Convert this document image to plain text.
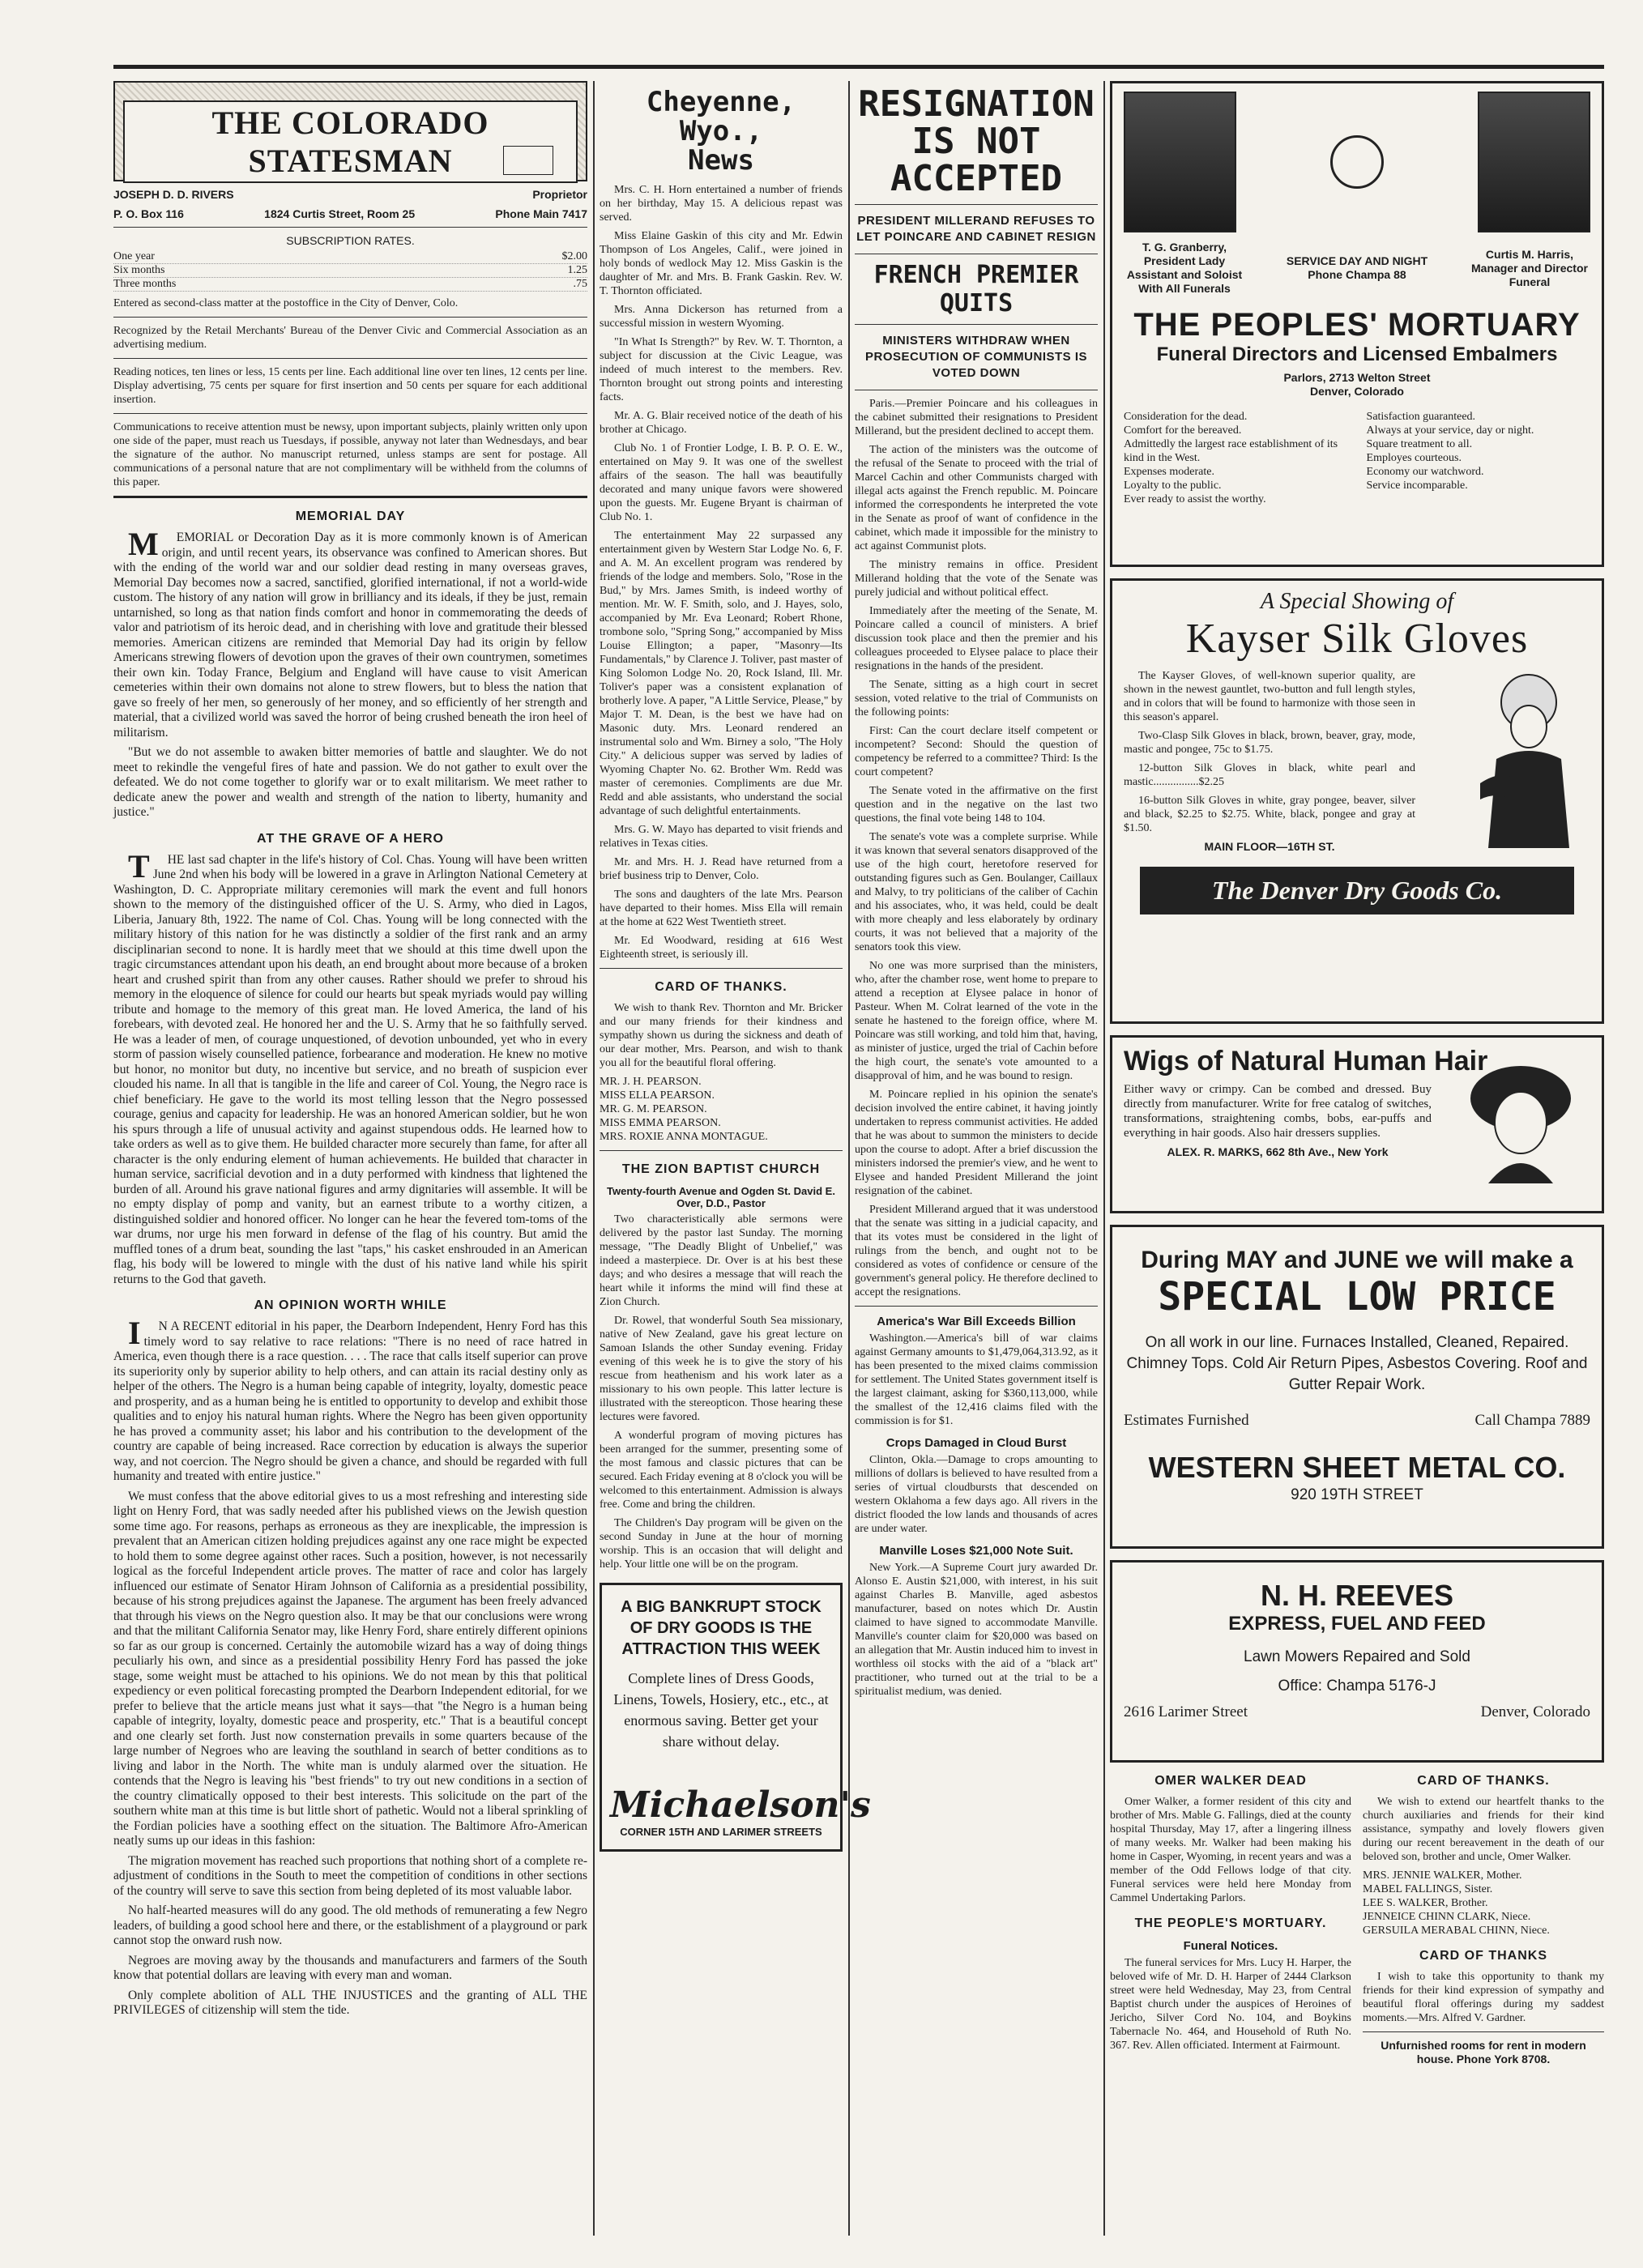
THE COLORADO STATESMAN
JOSEPH D. D. RIVERS	Proprietor
P. O. Box 116	1824 Curtis Street, Room 25	Phone Main 7417
SUBSCRIPTION RATES.
One year	$2.00
Six months	1.25
Three months	.75
Entered as second-class matter at the postoffice in the City of Denver, Colo.
Recognized by the Retail Merchants' Bureau of the Denver Civic and Commercial Association as an advertising medium.
Reading notices, ten lines or less, 15 cents per line. Each additional line over ten lines, 12 cents per line. Display advertising, 75 cents per square for first insertion and 50 cents per square for each additional insertion.
Communications to receive attention must be newsy, upon important subjects, plainly written only upon one side of the paper, must reach us Tuesdays, if possible, anyway not later than Wednesdays, and bear the signature of the author. No manuscript returned, unless stamps are sent for postage. All communications of a personal nature that are not complimentary will be withheld from the columns of this paper.
MEMORIAL DAY

MEMORIAL or Decoration Day as it is more commonly known is of American origin, and until recent years, its observance was confined to American shores. But with the ending of the world war and our soldier dead resting in many overseas graves, Memorial Day becomes now a sacred, sanctified, glorified international, if not a world-wide custom. The history of any nation will grow in brilliancy and its ideals, if they be just, remain untarnished, so long as that nation finds comfort and honor in commemorating the deeds of valor and patriotism of its heroic dead, and in cherishing with love and gratitude their blessed memories. American citizens are reminded that Memorial Day had its origin by fellow Americans strewing flowers of devotion upon the graves of their own countrymen, sometimes their own kin. Today France, Belgium and England will have cause to visit American cemeteries within their own domains not alone to strew flowers, but to bless the nation that gave so freely of her men, so generously of her money, and so efficiently of her strength and material, that a civilized world was saved the horror of being crushed beneath the iron heel of militarism.

"But we do not assemble to awaken bitter memories of battle and slaughter. We do not meet to rekindle the vengeful fires of hate and passion. We do not gather to exult over the defeated. We do not come together to glorify war or to exalt militarism. We meet rather to dedicate anew the power and wealth and strength of the nation to liberty, humanity and justice."

AT THE GRAVE OF A HERO

THE last sad chapter in the life's history of Col. Chas. Young will have been written June 2nd when his body will be lowered in a grave in Arlington National Cemetery at Washington, D. C. Appropriate military ceremonies will mark the event and full honors shown to the memory of the distinguished officer of the U. S. Army, who died in Lagos, Liberia, January 8th, 1922. The name of Col. Chas. Young will be long connected with the military history of this nation for he was distinctly a soldier of the first rank and an army disciplinarian second to none. It is hardly meet that we should at this time dwell upon the tragic circumstances attendant upon his death, an end brought about more because of a broken heart and crushed spirit than from any other causes. Rather should we prefer to shroud his memory in the eloquence of silence for could our hearts but speak myriads would pay willing tribute and homage to the memory of this great man. He loved America, the land of his forebears, with devoted zeal. He honored her and the U. S. Army that he so faithfully served. He was a leader of men, of courage unquestioned, of devotion unbounded, yet who in every storm of passion wisely counselled patience, forbearance and moderation. He knew no motive but honor, no monitor but duty, no incentive but service, and no breath of suspicion ever clouded his name. In all that is tangible in the life and career of Col. Young, the Negro race is chief beneficiary. He gave to the world its most telling lesson that the Negro possessed courage, genius and capacity for leadership. He was an honored American soldier, but he won his spurs through a life of unusual activity and against stupendous odds. He learned how to take orders as well as to give them. He builded character more securely than fame, for after all character is the only enduring element of human achievements. He builded that character in human service, sacrificial devotion and in a duty performed with kindness that lightened the burden of all. Around his grave national figures and army dignitaries will assemble. It will be no empty display of pomp and vanity, but an earnest tribute to a worthy citizen, a distinguished soldier and honored officer. No longer can he hear the fevered tom-toms of the war drums, nor urge his men forward in defense of the flag of his country. But amid the muffled tones of a drum beat, sounding the last "taps," his casket enshrouded in an American flag, his body will be lowered to mingle with the dust of his native land while his spirit returns to the God that gaveth.

AN OPINION WORTH WHILE

IN A RECENT editorial in his paper, the Dearborn Independent, Henry Ford has this timely word to say relative to race relations: "There is no need of race hatred in America, even though there is a race question. . . . The race that calls itself superior can prove its superiority only by superior ability to help others, and can attain its racial destiny only as helper of the others. The Negro is a human being capable of integrity, loyalty, domestic peace and prosperity, and as a human being he is entitled to opportunity to develop and exhibit those qualities and to enjoy his natural human rights. Where the Negro has been given opportunity he has proved a community asset; his labor and his contribution to the development of the country are capable of being increased. Race correction by education is always the superior way, and not coercion. The Negro should be given a chance, and should be regarded with full humanity and treated with entire justice."

We must confess that the above editorial gives to us a most refreshing and interesting side light on Henry Ford, that was sadly needed after his published views on the Jewish question some time ago. For reasons, perhaps as erroneous as they are inexplicable, the impression is prevalent that an American citizen holding prejudices against any one race might be expected to hold them to some degree against other races. Such a position, however, is not necessarily logical as the forceful Independent article proves. The matter of race and color has largely influenced our estimate of Senator Hiram Johnson of California as a presidential possibility, because of his strong prejudices against the Japanese. The argument has been freely advanced that through his views on the Negro question also. It may be that our conclusions were wrong and that the militant California Senator may, like Henry Ford, share entirely different opinions so far as our group is concerned. Certainly the automobile wizard has a way of doing things peculiarly his own, and since as a presidential possibility Henry Ford has passed the joke stage, some weight must be attached to his opinions. We do not mean by this that political expediency or even political forecasting prompted the Dearborn Independent editorial, for we prefer to believe that the article means just what it says—that "the Negro is a human being capable of integrity, loyalty, domestic peace and prosperity, etc." That is a beautiful concept and one clearly set forth. Just now consternation prevails in some quarters because of the large number of Negroes who are leaving the southland in search of better conditions as to living and labor in the North. The white man is unduly alarmed over the situation. He contends that the Negro is leaving his "best friends" to try out new conditions in a section of the country climatically opposed to their best interests. This solicitude on the part of the southern white man at this time is but little short of pathetic. Would not a liberal sprinkling of the Fordian policies have a soothing effect on the situation. The Baltimore Afro-American neatly sums up our ideas in this fashion:

The migration movement has reached such proportions that nothing short of a complete re-adjustment of conditions in the South to meet the competition of conditions in other sections of the country will serve to save this section from being depleted of its most valuable labor.

No half-hearted measures will do any good. The old methods of remunerating a few Negro leaders, of building a good school here and there, or the establishment of a playground or park cannot stop the onward rush now.

Negroes are moving away by the thousands and manufacturers and farmers of the South know that potential dollars are leaving with every man and woman.

Only complete abolition of ALL THE INJUSTICES and the granting of ALL THE PRIVILEGES of citizenship will stem the tide.

Cheyenne, Wyo.,
News

Mrs. C. H. Horn entertained a number of friends on her birthday, May 15. A delicious repast was served.

Miss Elaine Gaskin of this city and Mr. Edwin Thompson of Los Angeles, Calif., were joined in holy bonds of wedlock May 12. Miss Gaskin is the daughter of Mr. and Mrs. B. Frank Gaskin. Rev. W. T. Thornton officiated.

Mrs. Anna Dickerson has returned from a successful mission in western Wyoming.

"In What Is Strength?" by Rev. W. T. Thornton, a subject for discussion at the Civic League, was indeed of much interest to the members. Rev. Thornton brought out strong points and interesting facts.

Mr. A. G. Blair received notice of the death of his brother at Chicago.

Club No. 1 of Frontier Lodge, I. B. P. O. E. W., entertained on May 9. It was one of the swellest affairs of the season. The hall was beautifully decorated and many unique favors were showered upon the guests. Mr. Eugene Bryant is chairman of Club No. 1.

The entertainment May 22 surpassed any entertainment given by Western Star Lodge No. 6, F. and A. M. An excellent program was rendered by friends of the lodge and members. Solo, "Rose in the Bud," by Mrs. James Smith, is indeed worthy of mention. Mr. W. F. Smith, solo, and J. Hayes, solo, accompanied by Mr. Eva Leonard; Robert Rhone, trombone solo, "Spring Song," accompanied by Miss Louise Ellington; a paper, "Masonry—Its Fundamentals," by Clarence J. Toliver, past master of King Solomon Lodge No. 20, Rock Island, Ill. Mr. Toliver's paper was a consistent explanation of brotherly love. A paper, "A Little Service, Please," by Major T. M. Dean, is the best we have had on Masonic duty. Mrs. Leonard rendered an instrumental solo and Wm. Birney a solo, "The Holy City." A delicious supper was served by ladies of Wyoming Chapter No. 62. Brother Wm. Redd was master of ceremonies. Compliments are due Mr. Redd and able assistants, who understand the social advantage of such delightful entertainments.

Mrs. G. W. Mayo has departed to visit friends and relatives in Texas cities.

Mr. and Mrs. H. J. Read have returned from a brief business trip to Denver, Colo.

The sons and daughters of the late Mrs. Pearson have departed to their homes. Miss Ella will remain at the home at 622 West Twentieth street.

Mr. Ed Woodward, residing at 616 West Eighteenth street, is seriously ill.

CARD OF THANKS.

We wish to thank Rev. Thornton and Mr. Bricker and our many friends for their kindness and sympathy shown us during the sickness and death of our dear mother, Mrs. Pearson, and wish to thank you all for the beautiful floral offering.

MR. J. H. PEARSON.
MISS ELLA PEARSON.
MR. G. M. PEARSON.
MISS EMMA PEARSON.
MRS. ROXIE ANNA MONTAGUE.
THE ZION BAPTIST CHURCH
Twenty-fourth Avenue and Ogden St. David E. Over, D.D., Pastor

Two characteristically able sermons were delivered by the pastor last Sunday. The morning message, "The Deadly Blight of Unbelief," was indeed a masterpiece. Dr. Over is at his best these days; and who desires a message that will reach the heart while it informs the mind will find these at Zion Church.

Dr. Rowel, that wonderful South Sea missionary, native of New Zealand, gave his great lecture on Samoan Islands the other Sunday evening. Friday evening of this week he is to give the story of his rescue from heathenism and his work later as a missionary to his own people. This latter lecture is illustrated with the stereopticon. Those hearing these lectures were favored.

A wonderful program of moving pictures has been arranged for the summer, presenting some of the most famous and classic pictures that can be secured. Each Friday evening at 8 o'clock you will be welcomed to this entertainment. Admission is always free. Come and bring the children.

The Children's Day program will be given on the second Sunday in June at the hour of morning worship. This is an occasion that will delight and help. Your little one will be on the program.

A BIG BANKRUPT STOCK OF DRY GOODS IS THE ATTRACTION THIS WEEK
Complete lines of Dress Goods, Linens, Towels, Hosiery, etc., etc., at enormous saving. Better get your share without delay.
Michaelson's
CORNER 15TH AND LARIMER STREETS
RESIGNATION IS NOT ACCEPTED
PRESIDENT MILLERAND REFUSES TO LET POINCARE AND CABINET RESIGN
FRENCH PREMIER QUITS
MINISTERS WITHDRAW WHEN PROSECUTION OF COMMUNISTS IS VOTED DOWN

Paris.—Premier Poincare and his colleagues in the cabinet submitted their resignations to President Millerand, but the president declined to accept them.

The action of the ministers was the outcome of the refusal of the Senate to proceed with the trial of Marcel Cachin and other Communists charged with illegal acts against the French republic. M. Poincare informed the correspondents he interpreted the vote in the Senate as proof of want of confidence in the cabinet, which made it impossible for the ministry to act against Communist plots.

The ministry remains in office. President Millerand holding that the vote of the Senate was purely judicial and without political effect.

Immediately after the meeting of the Senate, M. Poincare called a council of ministers. A brief discussion took place and then the premier and his colleagues proceeded to Elysee palace to place their resignations in the hands of the president.

The Senate, sitting as a high court in secret session, voted relative to the trial of Communists on the following points:

First: Can the court declare itself competent or incompetent? Second: Should the question of competency be referred to a committee? Third: Is the court competent?

The Senate voted in the affirmative on the first question and in the negative on the last two questions, the final vote being 148 to 104.

The senate's vote was a complete surprise. While it was known that several senators disapproved of the use of the high court, heretofore reserved for outstanding figures such as Gen. Boulanger, Caillaux and Malvy, to try politicians of the caliber of Cachin and his associates, who, it was held, could be dealt with more cheaply and less elaborately by ordinary courts, it was not believed that a majority of the senators took this view.

No one was more surprised than the ministers, who, after the chamber rose, went home to prepare to attend a reception at Elysee palace in honor of Pasteur. When M. Colrat learned of the vote in the senate he hastened to the foreign office, where M. Poincare was still working, and told him that, having, as minister of justice, urged the trial of Cachin before the high court, the senate's vote amounted to a disapproval of him, and he was bound to resign.

M. Poincare replied in his opinion the senate's decision involved the entire cabinet, it having jointly undertaken to repress communist activities. He added that he was about to summon the ministers to decide upon the course to adopt. After a brief discussion the ministers indorsed the premier's view, and he went to Elysee and handed President Millerand the joint resignation of the cabinet.

President Millerand argued that it was understood that the senate was sitting in a judicial capacity, and that its votes must be considered in the light of rulings from the bench, and ought not to be considered as votes of confidence or censure of the government's general policy. He therefore declined to accept the resignations.

America's War Bill Exceeds Billion

Washington.—America's bill of war claims against Germany amounts to $1,479,064,313.92, as it has been presented to the mixed claims commission for settlement. The United States government itself is the largest claimant, asking for $360,113,000, while the smallest of the 12,416 claims filed with the commission is for $1.

Crops Damaged in Cloud Burst

Clinton, Okla.—Damage to crops amounting to millions of dollars is believed to have resulted from a series of virtual cloudbursts that descended on western Oklahoma a few days ago. All rivers in the district flooded the low lands and thousands of acres are under water.

Manville Loses $21,000 Note Suit.

New York.—A Supreme Court jury awarded Dr. Alonso E. Austin $21,000, with interest, in his suit against Charles B. Manville, aged asbestos manufacturer, based on notes which Dr. Austin claimed to have signed to accommodate Manville. Manville's counter claim for $20,000 was based on an allegation that Mr. Austin induced him to invest in worthless oil stocks with the aid of a "black art" practitioner, who turned out at the trial to be a spiritualist medium, was denied.

T. G. Granberry, President Lady Assistant and Soloist With All Funerals
SERVICE DAY AND NIGHT
Phone Champa 88
Curtis M. Harris, Manager and Director Funeral
THE PEOPLES' MORTUARY
Funeral Directors and Licensed Embalmers
Parlors, 2713 Welton Street
Denver, Colorado
Consideration for the dead.
Comfort for the bereaved.
Admittedly the largest race establishment of its kind in the West.
Expenses moderate.
Loyalty to the public.
Ever ready to assist the worthy.
Satisfaction guaranteed.
Always at your service, day or night.
Square treatment to all.
Employes courteous.
Economy our watchword.
Service incomparable.
A Special Showing of
Kayser Silk Gloves

The Kayser Gloves, of well-known superior quality, are shown in the newest gauntlet, two-button and full length styles, and in colors that will be found to harmonize with those seen in this season's apparel.

Two-Clasp Silk Gloves in black, brown, beaver, gray, mode, mastic and pongee, 75c to $1.75.

12-button Silk Gloves in black, white pearl and mastic................$2.25

16-button Silk Gloves in white, gray pongee, beaver, silver and black, $2.25 to $2.75. White, black, pongee and gray at $1.50.

MAIN FLOOR—16TH ST.
The Denver Dry Goods Co.
Wigs of Natural Human Hair
Either wavy or crimpy. Can be combed and dressed. Buy directly from manufacturer. Write for free catalog of switches, transformations, straightening combs, bobs, ear-puffs and everything in hair goods. Also hair dressers supplies.
ALEX. R. MARKS, 662 8th Ave., New York
During MAY and JUNE we will make a
SPECIAL LOW PRICE
On all work in our line. Furnaces Installed, Cleaned, Repaired. Chimney Tops. Cold Air Return Pipes, Asbestos Covering. Roof and Gutter Repair Work.
Estimates Furnished	Call Champa 7889
WESTERN SHEET METAL CO.
920 19TH STREET
N. H. REEVES
EXPRESS, FUEL AND FEED
Lawn Mowers Repaired and Sold
Office: Champa 5176-J
2616 Larimer Street	Denver, Colorado
OMER WALKER DEAD

Omer Walker, a former resident of this city and brother of Mrs. Mable G. Fallings, died at the county hospital Thursday, May 17, after a lingering illness of many weeks. Mr. Walker had been making his home in Casper, Wyoming, in recent years and was a member of the Odd Fellows lodge of that city. Funeral services were held here Monday from Cammel Undertaking Parlors.

THE PEOPLE'S MORTUARY.
Funeral Notices.

The funeral services for Mrs. Lucy H. Harper, the beloved wife of Mr. D. H. Harper of 2444 Clarkson street were held Wednesday, May 23, from Central Baptist church under the auspices of Heroines of Jericho, Silver Cord No. 104, and Boykins Tabernacle No. 464, and Household of Ruth No. 367. Rev. Allen officiated. Interment at Fairmount.

CARD OF THANKS.

We wish to extend our heartfelt thanks to the church auxiliaries and friends for their kind assistance, sympathy and lovely flowers given during our recent bereavement in the death of our beloved son, brother and uncle, Omer Walker.

MRS. JENNIE WALKER, Mother.
MABEL FALLINGS, Sister.
LEE S. WALKER, Brother.
JENNEICE CHINN CLARK, Niece.
GERSUILA MERABAL CHINN, Niece.
CARD OF THANKS

I wish to take this opportunity to thank my friends for their kind expression of sympathy and beautiful floral offerings during my saddest moments.—Mrs. Alfred V. Gardner.

Unfurnished rooms for rent in modern house. Phone York 8708.
